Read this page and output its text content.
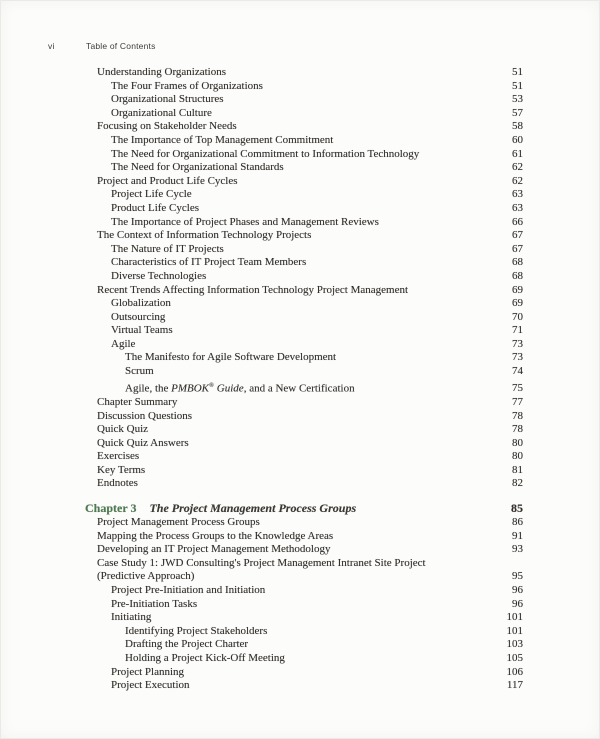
vi	Table of Contents
Understanding Organizations	51
The Four Frames of Organizations	51
Organizational Structures	53
Organizational Culture	57
Focusing on Stakeholder Needs	58
The Importance of Top Management Commitment	60
The Need for Organizational Commitment to Information Technology	61
The Need for Organizational Standards	62
Project and Product Life Cycles	62
Project Life Cycle	63
Product Life Cycles	63
The Importance of Project Phases and Management Reviews	66
The Context of Information Technology Projects	67
The Nature of IT Projects	67
Characteristics of IT Project Team Members	68
Diverse Technologies	68
Recent Trends Affecting Information Technology Project Management	69
Globalization	69
Outsourcing	70
Virtual Teams	71
Agile	73
The Manifesto for Agile Software Development	73
Scrum	74
Agile, the PMBOK® Guide, and a New Certification	75
Chapter Summary	77
Discussion Questions	78
Quick Quiz	78
Quick Quiz Answers	80
Exercises	80
Key Terms	81
Endnotes	82
Chapter 3 The Project Management Process Groups	85
Project Management Process Groups	86
Mapping the Process Groups to the Knowledge Areas	91
Developing an IT Project Management Methodology	93
Case Study 1: JWD Consulting's Project Management Intranet Site Project
(Predictive Approach)	95
Project Pre-Initiation and Initiation	96
Pre-Initiation Tasks	96
Initiating	101
Identifying Project Stakeholders	101
Drafting the Project Charter	103
Holding a Project Kick-Off Meeting	105
Project Planning	106
Project Execution	117
